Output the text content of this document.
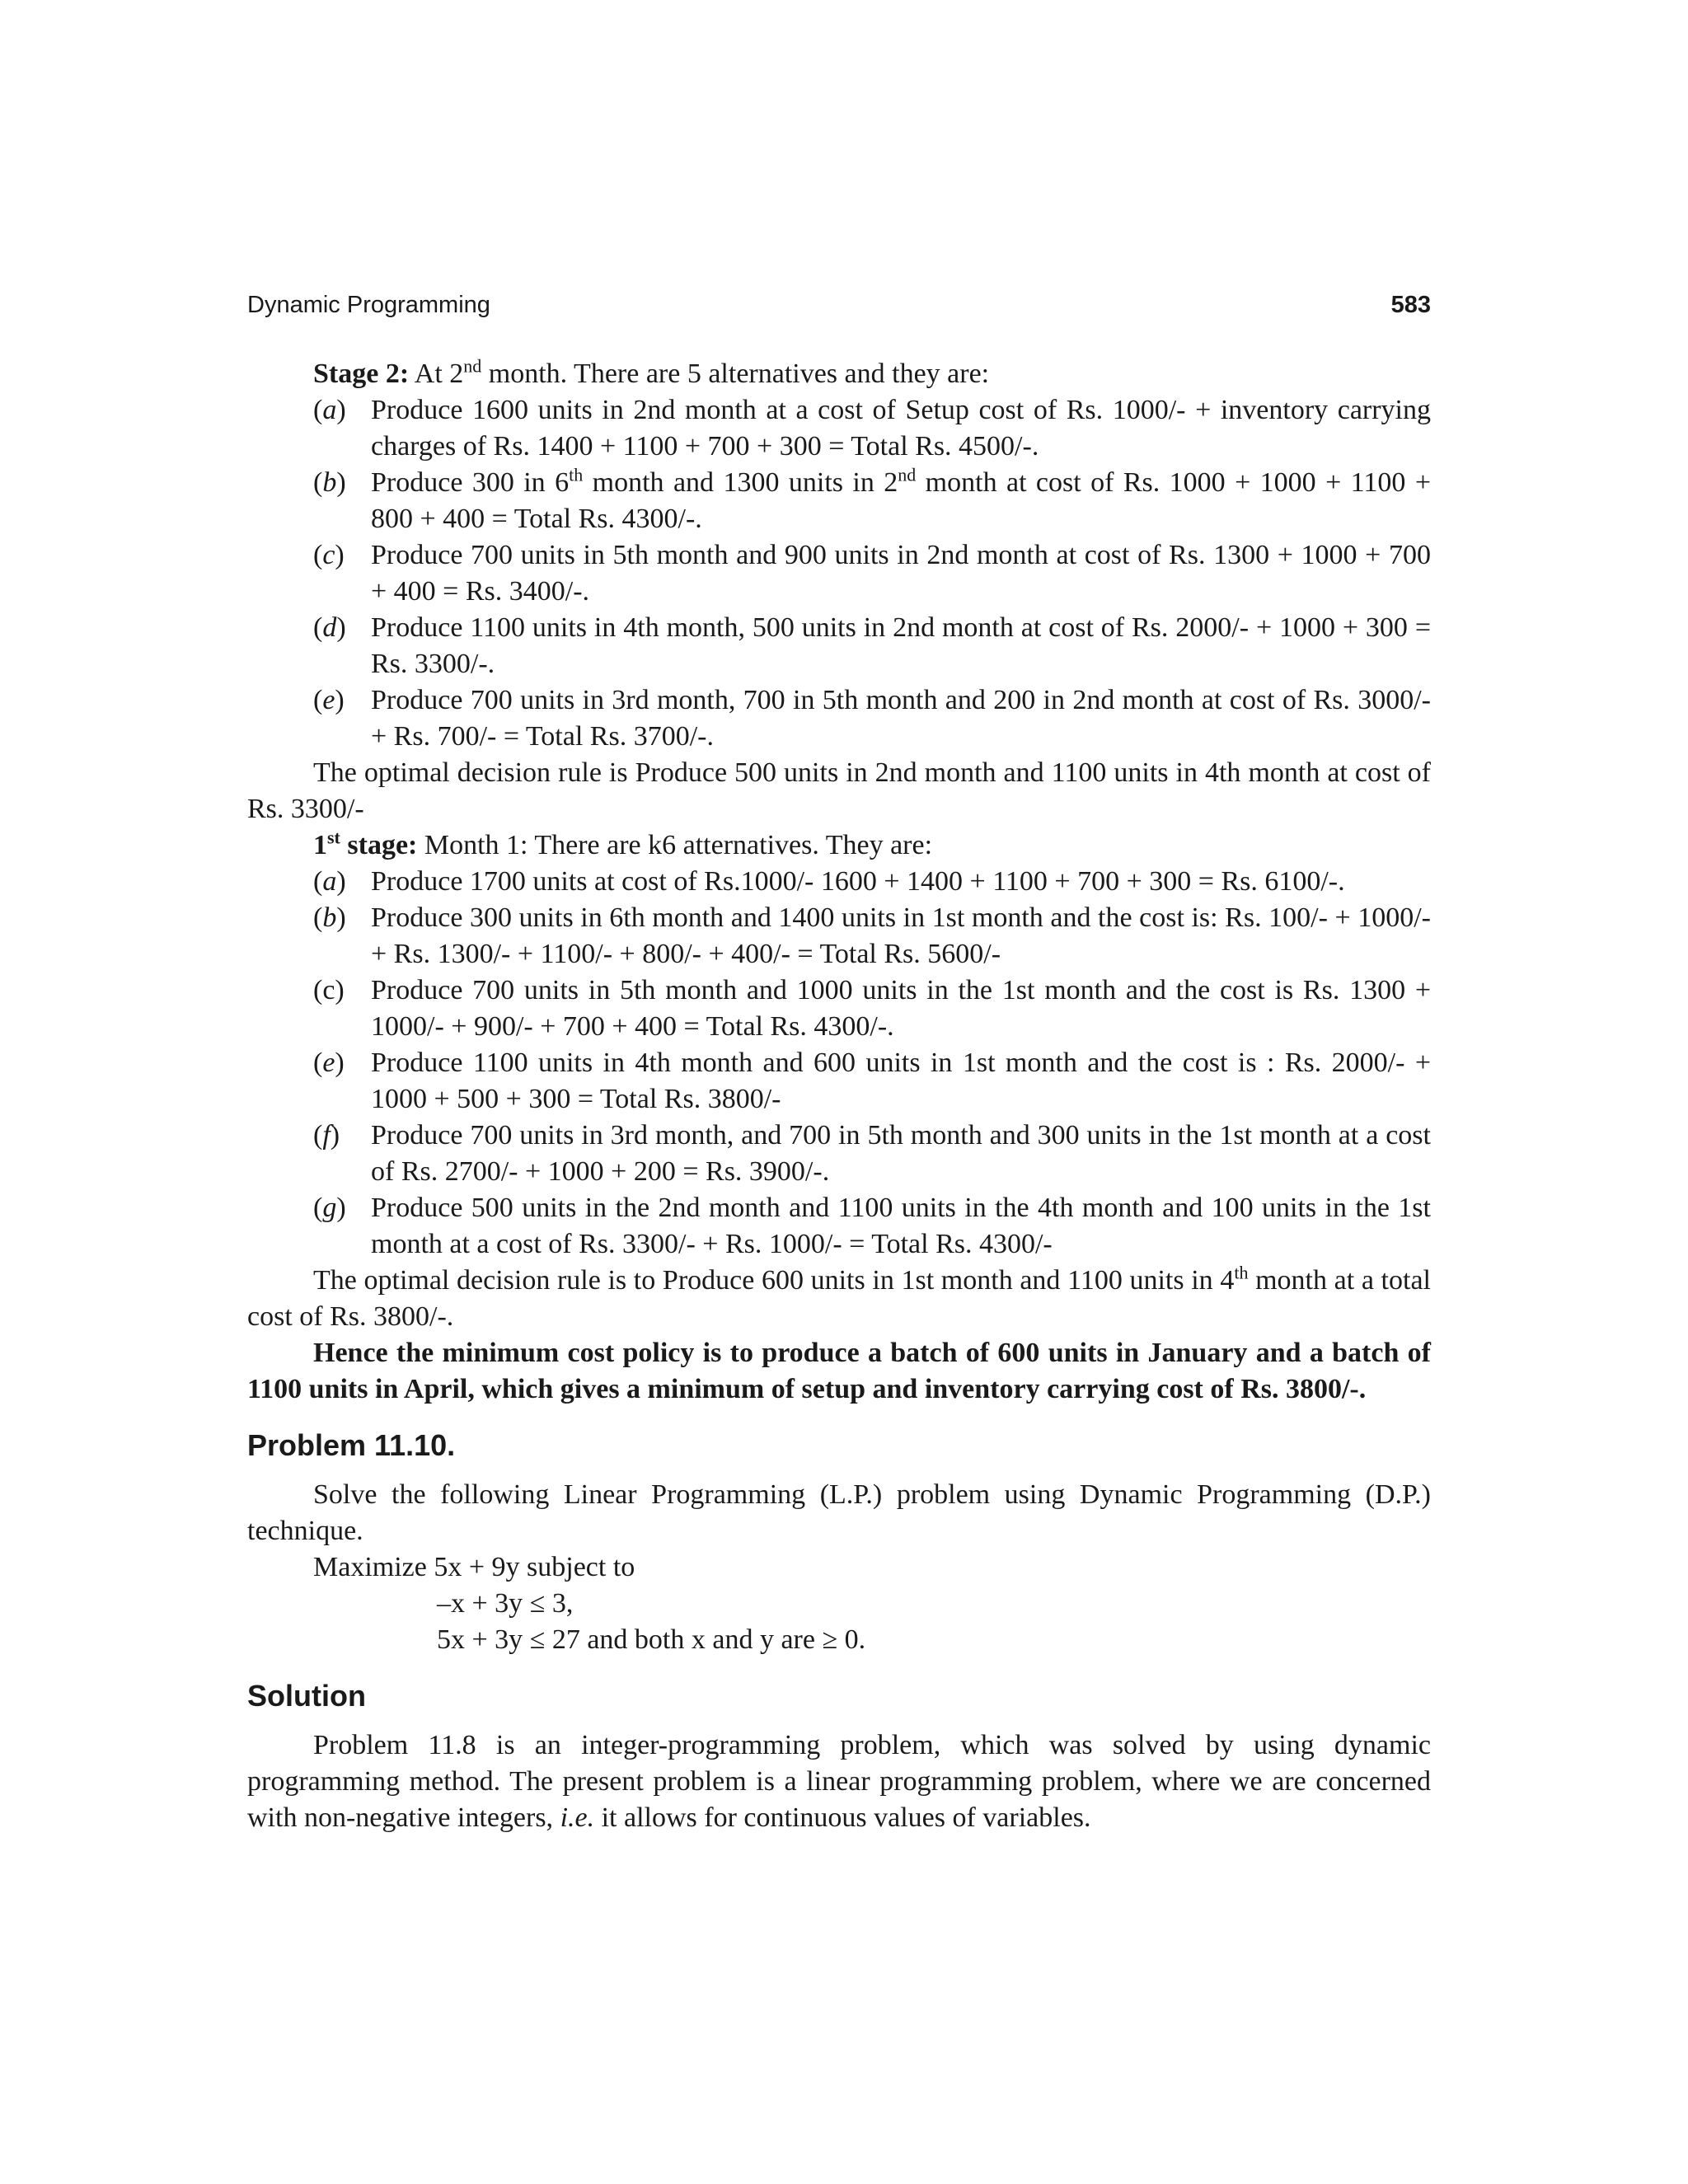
Dynamic Programming	583

Stage 2: At 2nd month. There are 5 alternatives and they are:

(a) Produce 1600 units in 2nd month at a cost of Setup cost of Rs. 1000/- + inventory carrying charges of Rs. 1400 + 1100 + 700 + 300 = Total Rs. 4500/-.
(b) Produce 300 in 6th month and 1300 units in 2nd month at cost of Rs. 1000 + 1000 + 1100 + 800 + 400 = Total Rs. 4300/-.
(c) Produce 700 units in 5th month and 900 units in 2nd month at cost of Rs. 1300 + 1000 + 700 + 400 = Rs. 3400/-.
(d) Produce 1100 units in 4th month, 500 units in 2nd month at cost of Rs. 2000/- + 1000 + 300 = Rs. 3300/-.
(e) Produce 700 units in 3rd month, 700 in 5th month and 200 in 2nd month at cost of Rs. 3000/- + Rs. 700/- = Total Rs. 3700/-.

The optimal decision rule is Produce 500 units in 2nd month and 1100 units in 4th month at cost of Rs. 3300/-

1st stage: Month 1: There are k6 atternatives. They are:

(a) Produce 1700 units at cost of Rs.1000/- 1600 + 1400 + 1100 + 700 + 300 = Rs. 6100/-.
(b) Produce 300 units in 6th month and 1400 units in 1st month and the cost is: Rs. 100/- + 1000/- + Rs. 1300/- + 1100/- + 800/- + 400/- = Total Rs. 5600/-
(c) Produce 700 units in 5th month and 1000 units in the 1st month and the cost is Rs. 1300 + 1000/- + 900/- + 700 + 400 = Total Rs. 4300/-.
(e) Produce 1100 units in 4th month and 600 units in 1st month and the cost is : Rs. 2000/- + 1000 + 500 + 300 = Total Rs. 3800/-
(f)	Produce 700 units in 3rd month, and 700 in 5th month and 300 units in the 1st month at a cost of Rs. 2700/- + 1000 + 200 = Rs. 3900/-.
(g) Produce 500 units in the 2nd month and 1100 units in the 4th month and 100 units in the 1st month at a cost of Rs. 3300/- + Rs. 1000/- = Total Rs. 4300/-

The optimal decision rule is to Produce 600 units in 1st month and 1100 units in 4th month at a total cost of Rs. 3800/-.

Hence the minimum cost policy is to produce a batch of 600 units in January and a batch of 1100 units in April, which gives a minimum of setup and inventory carrying cost of Rs. 3800/-.

Problem 11.10.

Solve the following Linear Programming (L.P.) problem using Dynamic Programming (D.P.) technique.

Maximize 5x + 9y subject to

–x + 3y ≤ 3,

5x + 3y ≤ 27 and both x and y are ≥ 0.

Solution

Problem 11.8 is an integer-programming problem, which was solved by using dynamic programming method. The present problem is a linear programming problem, where we are concerned with non-negative integers, i.e. it allows for continuous values of variables.
